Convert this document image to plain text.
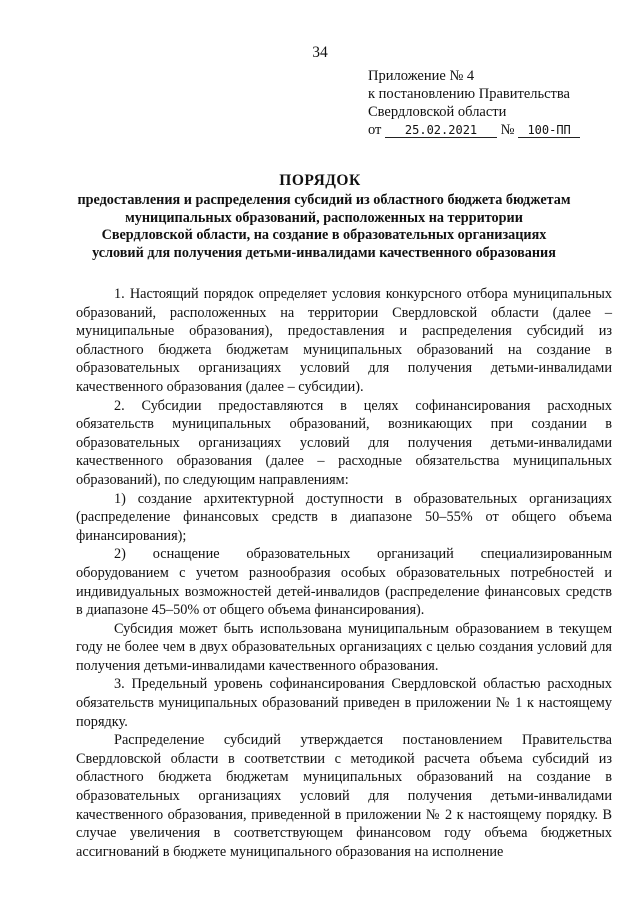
34
Приложение № 4
к постановлению Правительства
Свердловской области
от 25.02.2021 № 100-ПП
ПОРЯДОК
предоставления и распределения субсидий из областного бюджета бюджетам
муниципальных образований, расположенных на территории
Свердловской области, на создание в образовательных организациях
условий для получения детьми-инвалидами качественного образования

1. Настоящий порядок определяет условия конкурсного отбора муниципальных образований, расположенных на территории Свердловской области (далее – муниципальные образования), предоставления и распределения субсидий из областного бюджета бюджетам муниципальных образований на создание в образовательных организациях условий для получения детьми-инвалидами качественного образования (далее – субсидии).

2. Субсидии предоставляются в целях софинансирования расходных обязательств муниципальных образований, возникающих при создании в образовательных организациях условий для получения детьми-инвалидами качественного образования (далее – расходные обязательства муниципальных образований), по следующим направлениям:

1) создание архитектурной доступности в образовательных организациях (распределение финансовых средств в диапазоне 50–55% от общего объема финансирования);

2) оснащение образовательных организаций специализированным оборудованием с учетом разнообразия особых образовательных потребностей и индивидуальных возможностей детей-инвалидов (распределение финансовых средств в диапазоне 45–50% от общего объема финансирования).

Субсидия может быть использована муниципальным образованием в текущем году не более чем в двух образовательных организациях с целью создания условий для получения детьми-инвалидами качественного образования.

3. Предельный уровень софинансирования Свердловской областью расходных обязательств муниципальных образований приведен в приложении № 1 к настоящему порядку.

Распределение субсидий утверждается постановлением Правительства Свердловской области в соответствии с методикой расчета объема субсидий из областного бюджета бюджетам муниципальных образований на создание в образовательных организациях условий для получения детьми-инвалидами качественного образования, приведенной в приложении № 2 к настоящему порядку. В случае увеличения в соответствующем финансовом году объема бюджетных ассигнований в бюджете муниципального образования на исполнение
